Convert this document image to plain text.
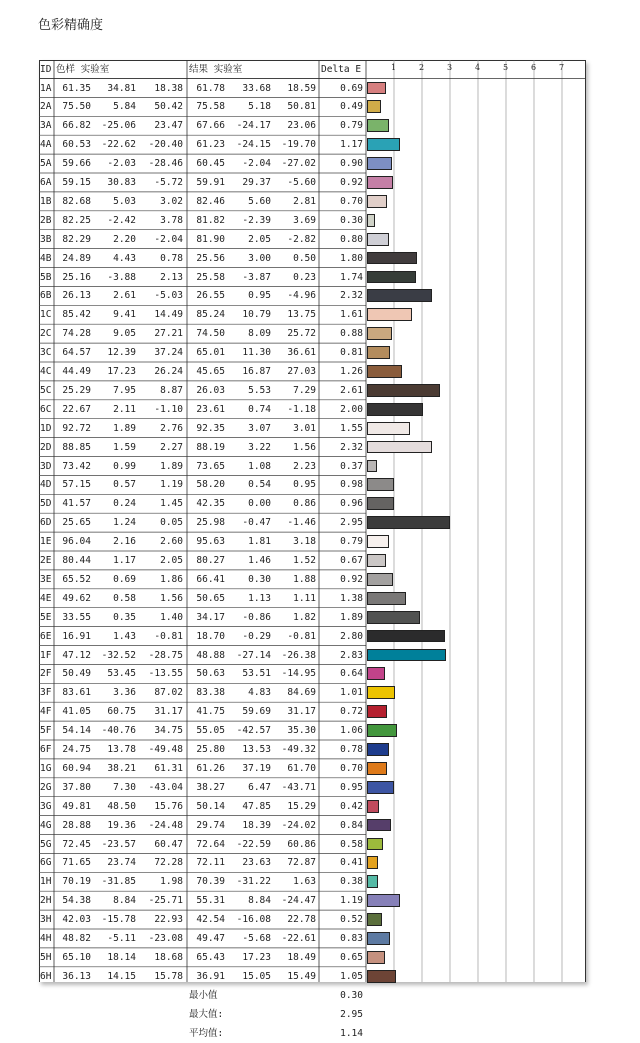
色彩精确度
ID 色样 实验室	结果 实验室	Delta E	1	2	3	4	5	6	7
1A	61.35	34.81	18.38	61.78	33.68	18.59	0.69
2A	75.50	5.84	50.42	75.58	5.18	50.81	0.49
3A	66.82	-25.06	23.47	67.66	-24.17	23.06	0.79
4A	60.53	-22.62	-20.40	61.23	-24.15	-19.70	1.17
5A	59.66	-2.03	-28.46	60.45	-2.04	-27.02	0.90
6A	59.15	30.83	-5.72	59.91	29.37	-5.60	0.92
1B	82.68	5.03	3.02	82.46	5.60	2.81	0.70
2B	82.25	-2.42	3.78	81.82	-2.39	3.69	0.30
3B	82.29	2.20	-2.04	81.90	2.05	-2.82	0.80
4B	24.89	4.43	0.78	25.56	3.00	0.50	1.80
5B	25.16	-3.88	2.13	25.58	-3.87	0.23	1.74
6B	26.13	2.61	-5.03	26.55	0.95	-4.96	2.32
1C	85.42	9.41	14.49	85.24	10.79	13.75	1.61
2C	74.28	9.05	27.21	74.50	8.09	25.72	0.88
3C	64.57	12.39	37.24	65.01	11.30	36.61	0.81
4C	44.49	17.23	26.24	45.65	16.87	27.03	1.26
5C	25.29	7.95	8.87	26.03	5.53	7.29	2.61
6C	22.67	2.11	-1.10	23.61	0.74	-1.18	2.00
1D	92.72	1.89	2.76	92.35	3.07	3.01	1.55
2D	88.85	1.59	2.27	88.19	3.22	1.56	2.32
3D	73.42	0.99	1.89	73.65	1.08	2.23	0.37
4D	57.15	0.57	1.19	58.20	0.54	0.95	0.98
5D	41.57	0.24	1.45	42.35	0.00	0.86	0.96
6D	25.65	1.24	0.05	25.98	-0.47	-1.46	2.95
1E	96.04	2.16	2.60	95.63	1.81	3.18	0.79
2E	80.44	1.17	2.05	80.27	1.46	1.52	0.67
3E	65.52	0.69	1.86	66.41	0.30	1.88	0.92
4E	49.62	0.58	1.56	50.65	1.13	1.11	1.38
5E	33.55	0.35	1.40	34.17	-0.86	1.82	1.89
6E	16.91	1.43	-0.81	18.70	-0.29	-0.81	2.80
1F	47.12	-32.52	-28.75	48.88	-27.14	-26.38	2.83
2F	50.49	53.45	-13.55	50.63	53.51	-14.95	0.64
3F	83.61	3.36	87.02	83.38	4.83	84.69	1.01
4F	41.05	60.75	31.17	41.75	59.69	31.17	0.72
5F	54.14	-40.76	34.75	55.05	-42.57	35.30	1.06
6F	24.75	13.78	-49.48	25.80	13.53	-49.32	0.78
1G	60.94	38.21	61.31	61.26	37.19	61.70	0.70
2G	37.80	7.30	-43.04	38.27	6.47	-43.71	0.95
3G	49.81	48.50	15.76	50.14	47.85	15.29	0.42
4G	28.88	19.36	-24.48	29.74	18.39	-24.02	0.84
5G	72.45	-23.57	60.47	72.64	-22.59	60.86	0.58
6G	71.65	23.74	72.28	72.11	23.63	72.87	0.41
1H	70.19	-31.85	1.98	70.39	-31.22	1.63	0.38
2H	54.38	8.84	-25.71	55.31	8.84	-24.47	1.19
3H	42.03	-15.78	22.93	42.54	-16.08	22.78	0.52
4H	48.82	-5.11	-23.08	49.47	-5.68	-22.61	0.83
5H	65.10	18.14	18.68	65.43	17.23	18.49	0.65
6H	36.13	14.15	15.78	36.91	15.05	15.49	1.05
最小值	0.30
最大值:	2.95
平均值:	1.14
